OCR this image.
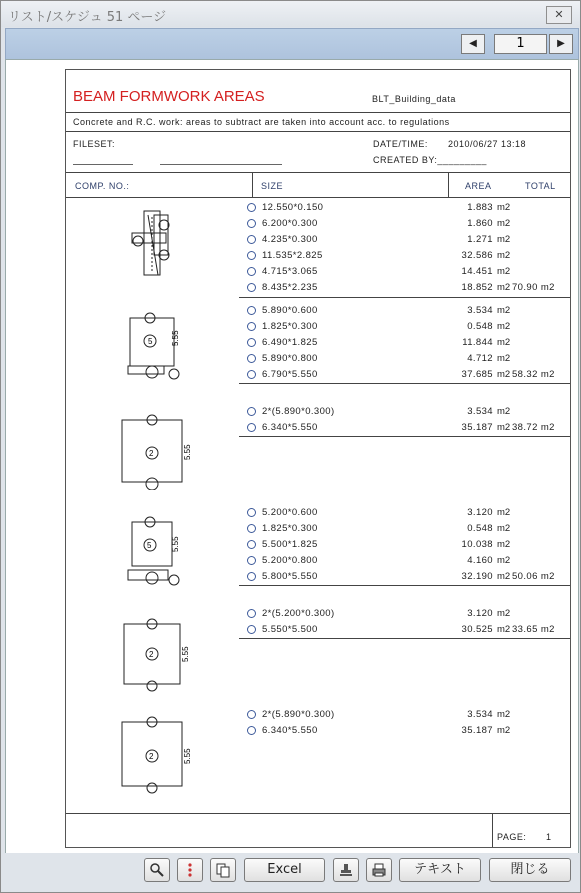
リスト/スケジュ 51 ページ	✕
◀	1	▶
BEAM FORMWORK AREAS	BLT_Building_data
Concrete and R.C. work: areas to subtract are taken into account acc. to regulations
FILESET:	DATE/TIME: 2010/06/27 13:18
CREATED BY:_________
COMP. NO.:	SIZE	AREA	TOTAL
12.550*0.150	1.883 m2
6.200*0.300	1.860 m2
4.235*0.300	1.271 m2
11.535*2.825	32.586 m2
4.715*3.065	14.451 m2
8.435*2.235	18.852 m2 70.90 m2
5.890*0.600	3.534 m2
1.825*0.300	0.548 m2
6.490*1.825	11.844 m2
5.890*0.800	4.712 m2
6.790*5.550	37.685 m2 58.32 m2
5 5.55
2*(5.890*0.300)	3.534 m2
6.340*5.550	35.187 m2 38.72 m2
2	5.55
5.200*0.600	3.120 m2
1.825*0.300	0.548 m2
5.500*1.825	10.038 m2
5.200*0.800	4.160 m2
5.800*5.550	32.190 m2 50.06 m2
5 5.55
2*(5.200*0.300)	3.120 m2
5.550*5.500	30.525 m2 33.65 m2
2	5.55
2*(5.890*0.300)	3.534 m2
6.340*5.550	35.187 m2
2	5.55
PAGE: 1
Excel	テキスト	閉じる
